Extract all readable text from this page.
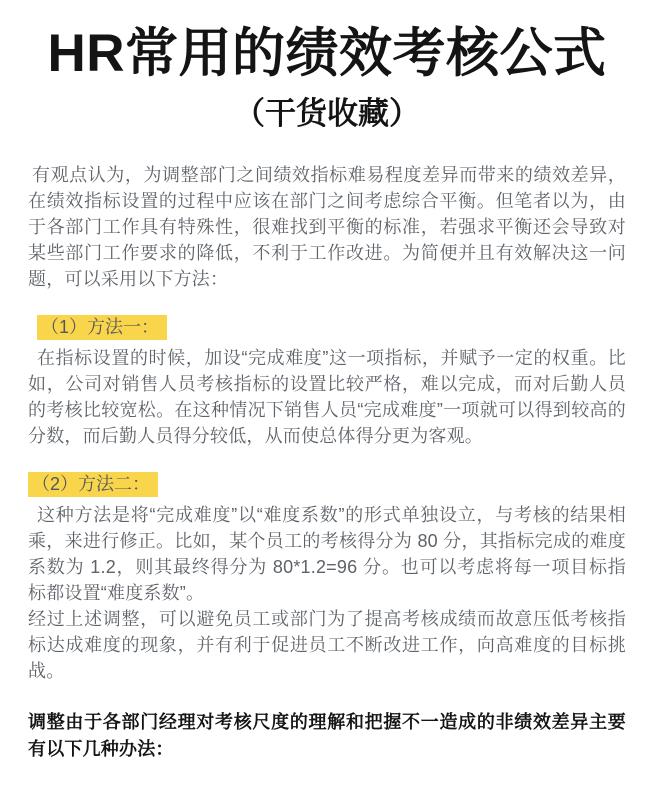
HR常用的绩效考核公式
（干货收藏）

有观点认为，为调整部门之间绩效指标难易程度差异而带来的绩效差异，在绩效指标设置的过程中应该在部门之间考虑综合平衡。但笔者以为，由于各部门工作具有特殊性，很难找到平衡的标准，若强求平衡还会导致对某些部门工作要求的降低，不利于工作改进。为简便并且有效解决这一问题，可以采用以下方法：

（1）方法一：

在指标设置的时候，加设“完成难度”这一项指标，并赋予一定的权重。比如，公司对销售人员考核指标的设置比较严格，难以完成，而对后勤人员的考核比较宽松。在这种情况下销售人员“完成难度”一项就可以得到较高的分数，而后勤人员得分较低，从而使总体得分更为客观。

（2）方法二：

这种方法是将“完成难度”以“难度系数”的形式单独设立，与考核的结果相乘，来进行修正。比如，某个员工的考核得分为 80 分，其指标完成的难度系数为 1.2，则其最终得分为 80*1.2=96 分。也可以考虑将每一项目标指标都设置“难度系数”。

经过上述调整，可以避免员工或部门为了提高考核成绩而故意压低考核指标达成难度的现象，并有利于促进员工不断改进工作，向高难度的目标挑战。

调整由于各部门经理对考核尺度的理解和把握不一造成的非绩效差异主要有以下几种办法：
